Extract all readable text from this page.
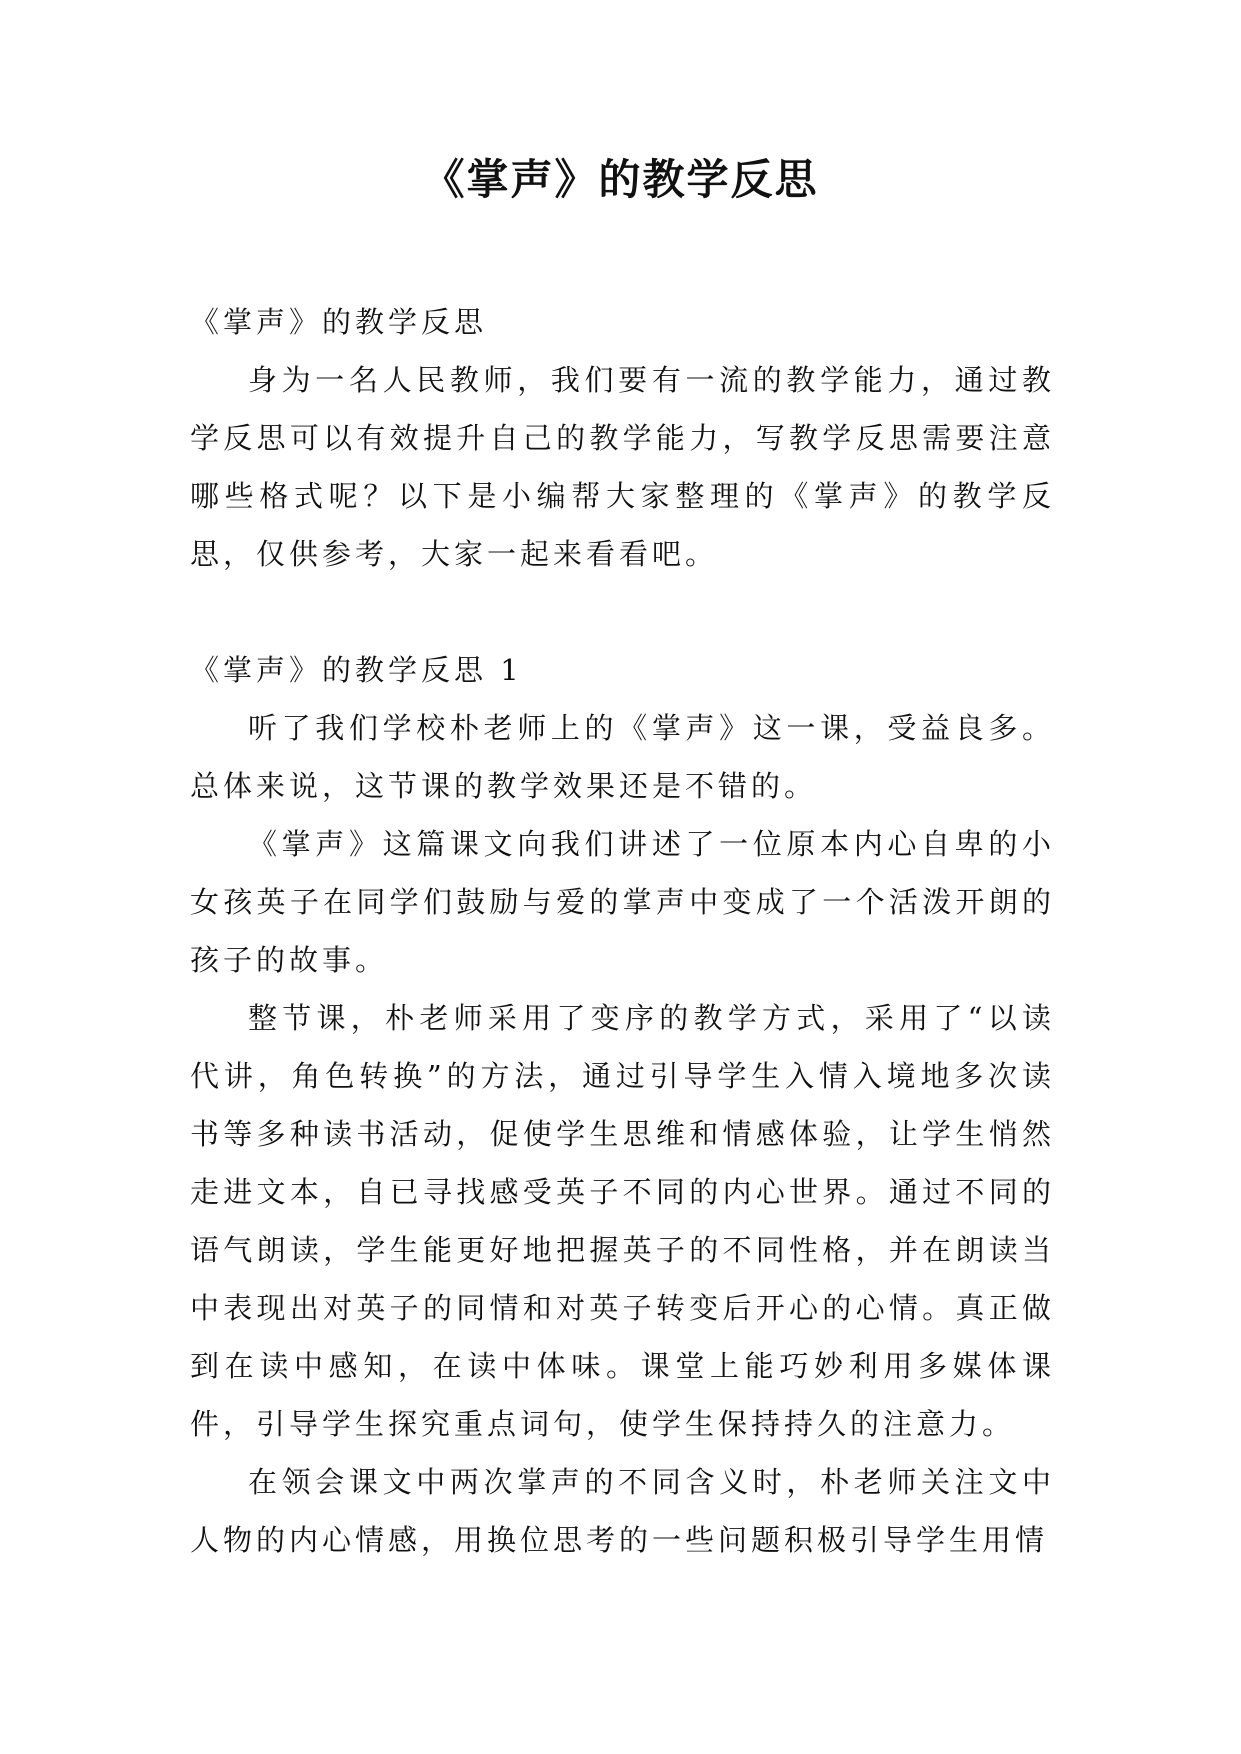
《掌声》的教学反思

《掌声》的教学反思

身为一名人民教师，我们要有一流的教学能力，通过教学反思可以有效提升自己的教学能力，写教学反思需要注意哪些格式呢？以下是小编帮大家整理的《掌声》的教学反思，仅供参考，大家一起来看看吧。

《掌声》的教学反思 1

听了我们学校朴老师上的《掌声》这一课，受益良多。总体来说，这节课的教学效果还是不错的。

《掌声》这篇课文向我们讲述了一位原本内心自卑的小女孩英子在同学们鼓励与爱的掌声中变成了一个活泼开朗的孩子的故事。

整节课，朴老师采用了变序的教学方式，采用了“以读代讲，角色转换”的方法，通过引导学生入情入境地多次读书等多种读书活动，促使学生思维和情感体验，让学生悄然走进文本，自已寻找感受英子不同的内心世界。通过不同的语气朗读，学生能更好地把握英子的不同性格，并在朗读当中表现出对英子的同情和对英子转变后开心的心情。真正做到在读中感知，在读中体味。课堂上能巧妙利用多媒体课件，引导学生探究重点词句，使学生保持持久的注意力。

在领会课文中两次掌声的不同含义时，朴老师关注文中人物的内心情感，用换位思考的一些问题积极引导学生用情
